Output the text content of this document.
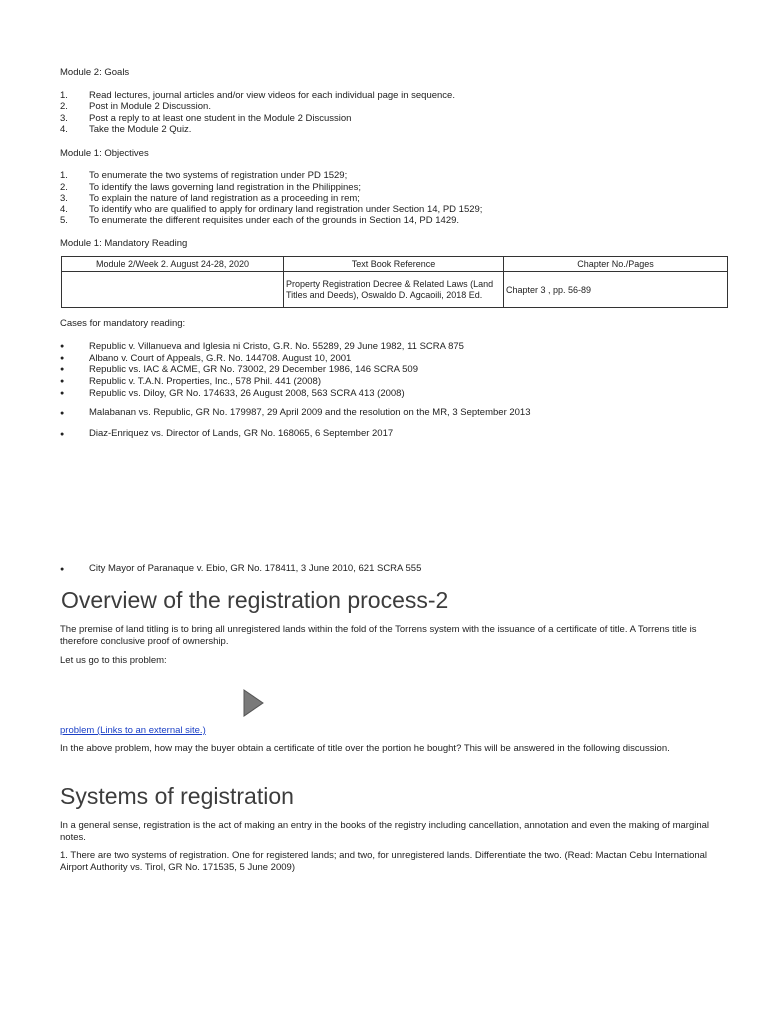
Module 2: Goals
1. Read lectures, journal articles and/or view videos for each individual page in sequence.
2. Post in Module 2 Discussion.
3. Post a reply to at least one student in the Module 2 Discussion
4. Take the Module 2 Quiz.
Module 1: Objectives
1. To enumerate the two systems of registration under PD 1529;
2. To identify the laws governing land registration in the Philippines;
3. To explain the nature of land registration as a proceeding in rem;
4. To identify who are qualified to apply for ordinary land registration under Section 14, PD 1529;
5. To enumerate the different requisites under each of the grounds in Section 14, PD 1429.
Module 1: Mandatory Reading
Module 2/Week 2. August 24-28, 2020	Text Book Reference	Chapter No./Pages
	Property Registration Decree & Related Laws (Land Titles and Deeds), Oswaldo D. Agcaoili, 2018 Ed.	Chapter 3 , pp. 56-89
Cases for mandatory reading:
●	Republic v. Villanueva and Iglesia ni Cristo, G.R. No. 55289, 29 June 1982, 11 SCRA 875
●	Albano v. Court of Appeals, G.R. No. 144708. August 10, 2001
●	Republic vs. IAC & ACME, GR No. 73002, 29 December 1986, 146 SCRA 509
●	Republic v. T.A.N. Properties, Inc., 578 Phil. 441 (2008)
●	Republic vs. Diloy, GR No. 174633, 26 August 2008, 563 SCRA 413 (2008)
●	Malabanan vs. Republic, GR No. 179987, 29 April 2009 and the resolution on the MR, 3 September 2013
●	Diaz-Enriquez vs. Director of Lands, GR No. 168065, 6 September 2017
●	City Mayor of Paranaque v. Ebio, GR No. 178411, 3 June 2010, 621 SCRA 555
Overview of the registration process-2
The premise of land titling is to bring all unregistered lands within the fold of the Torrens system with the issuance of a certificate of title. A Torrens title is therefore conclusive proof of ownership.
Let us go to this problem:
problem (Links to an external site.)
In the above problem, how may the buyer obtain a certificate of title over the portion he bought? This will be answered in the following discussion.
Systems of registration
In a general sense, registration is the act of making an entry in the books of the registry including cancellation, annotation and even the making of marginal notes.
1. There are two systems of registration. One for registered lands; and two, for unregistered lands. Differentiate the two. (Read: Mactan Cebu International Airport Authority vs. Tirol, GR No. 171535, 5 June 2009)
